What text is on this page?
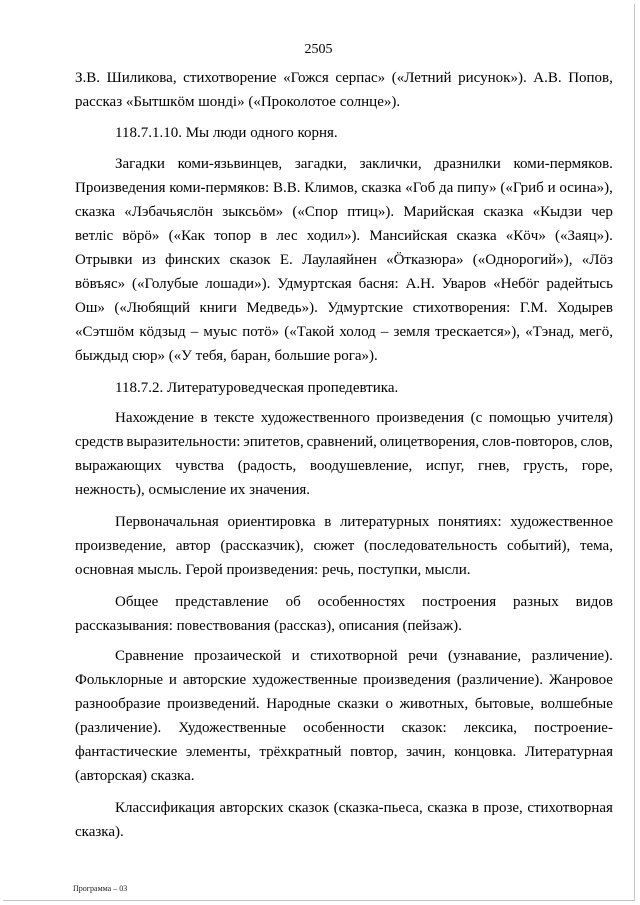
2505
З.В. Шиликова, стихотворение «Гожся серпас» («Летний рисунок»). А.В. Попов,
рассказ «Бытшкӧм шондi» («Проколотое солнце»).
118.7.1.10. Мы люди одного корня.
Загадки коми-язьвинцев, загадки, заклички, дразнилки коми-пермяков.
Произведения коми-пермяков: В.В. Климов, сказка «Гоб да пипу» («Гриб и осина»),
сказка «Лэбачьяслӧн зыксьӧм» («Спор птиц»). Марийская сказка «Кыдзи чер
ветлiс вӧрӧ» («Как топор в лес ходил»). Мансийская сказка «Кӧч» («Заяц»).
Отрывки из финских сказок Е. Лаулаяйнен «Ӧтказюра» («Однорогий»), «Лӧз
вӧвъяс» («Голубые лошади»). Удмуртская басня: А.Н. Уваров «Небӧг радейтысь
Ош» («Любящий книги Медведь»). Удмуртские стихотворения: Г.М. Ходырев
«Сэтшӧм кӧдзыд – муыс потӧ» («Такой холод – земля трескается»), «Тэнад, мегӧ,
быждыд сюр» («У тебя, баран, большие рога»).
118.7.2. Литературоведческая пропедевтика.
Нахождение в тексте художественного произведения (с помощью учителя)
средств выразительности: эпитетов, сравнений, олицетворения, слов-повторов, слов,
выражающих чувства (радость, воодушевление, испуг, гнев, грусть, горе,
нежность), осмысление их значения.
Первоначальная ориентировка в литературных понятиях: художественное
произведение, автор (рассказчик), сюжет (последовательность событий), тема,
основная мысль. Герой произведения: речь, поступки, мысли.
Общее представление об особенностях построения разных видов
рассказывания: повествования (рассказ), описания (пейзаж).
Сравнение прозаической и стихотворной речи (узнавание, различение).
Фольклорные и авторские художественные произведения (различение). Жанровое
разнообразие произведений. Народные сказки о животных, бытовые, волшебные
(различение). Художественные особенности сказок: лексика, построение-
фантастические элементы, трёхкратный повтор, зачин, концовка. Литературная
(авторская) сказка.
Классификация авторских сказок (сказка-пьеса, сказка в прозе, стихотворная
сказка).
Программа – 03
